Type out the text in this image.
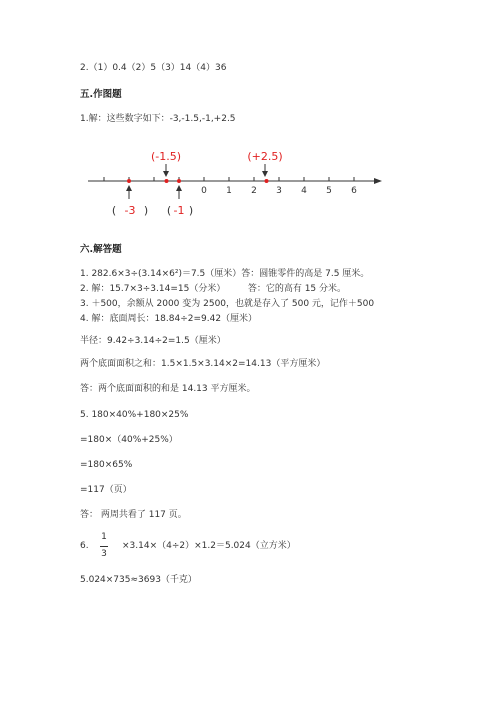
2.（1）0.4（2）5（3）14（4）36
五.作图题
1.解：这些数字如下：-3,-1.5,-1,+2.5
0 1 2 3 4 5 6
(-1.5)	(+2.5)
( -3 ) ( -1 )
六.解答题
1. 282.6×3÷(3.14×6²)＝7.5（厘米）答：圆锥零件的高是 7.5 厘米。
2. 解：15.7×3÷3.14=15（分米）　　　答：它的高有 15 分米。
3. ＋500，余额从 2000 变为 2500，也就是存入了 500 元，记作＋500
4. 解：底面周长：18.84÷2=9.42（厘米）
半径：9.42÷3.14÷2=1.5（厘米）
两个底面面积之和：1.5×1.5×3.14×2=14.13（平方厘米）
答：两个底面面积的和是 14.13 平方厘米。
5. 180×40%+180×25%
=180×（40%+25%）
=180×65%
=117（页）
答： 两周共看了 117 页。
6.
1
3
×3.14×（4÷2）×1.2＝5.024（立方米）
5.024×735≈3693（千克）
